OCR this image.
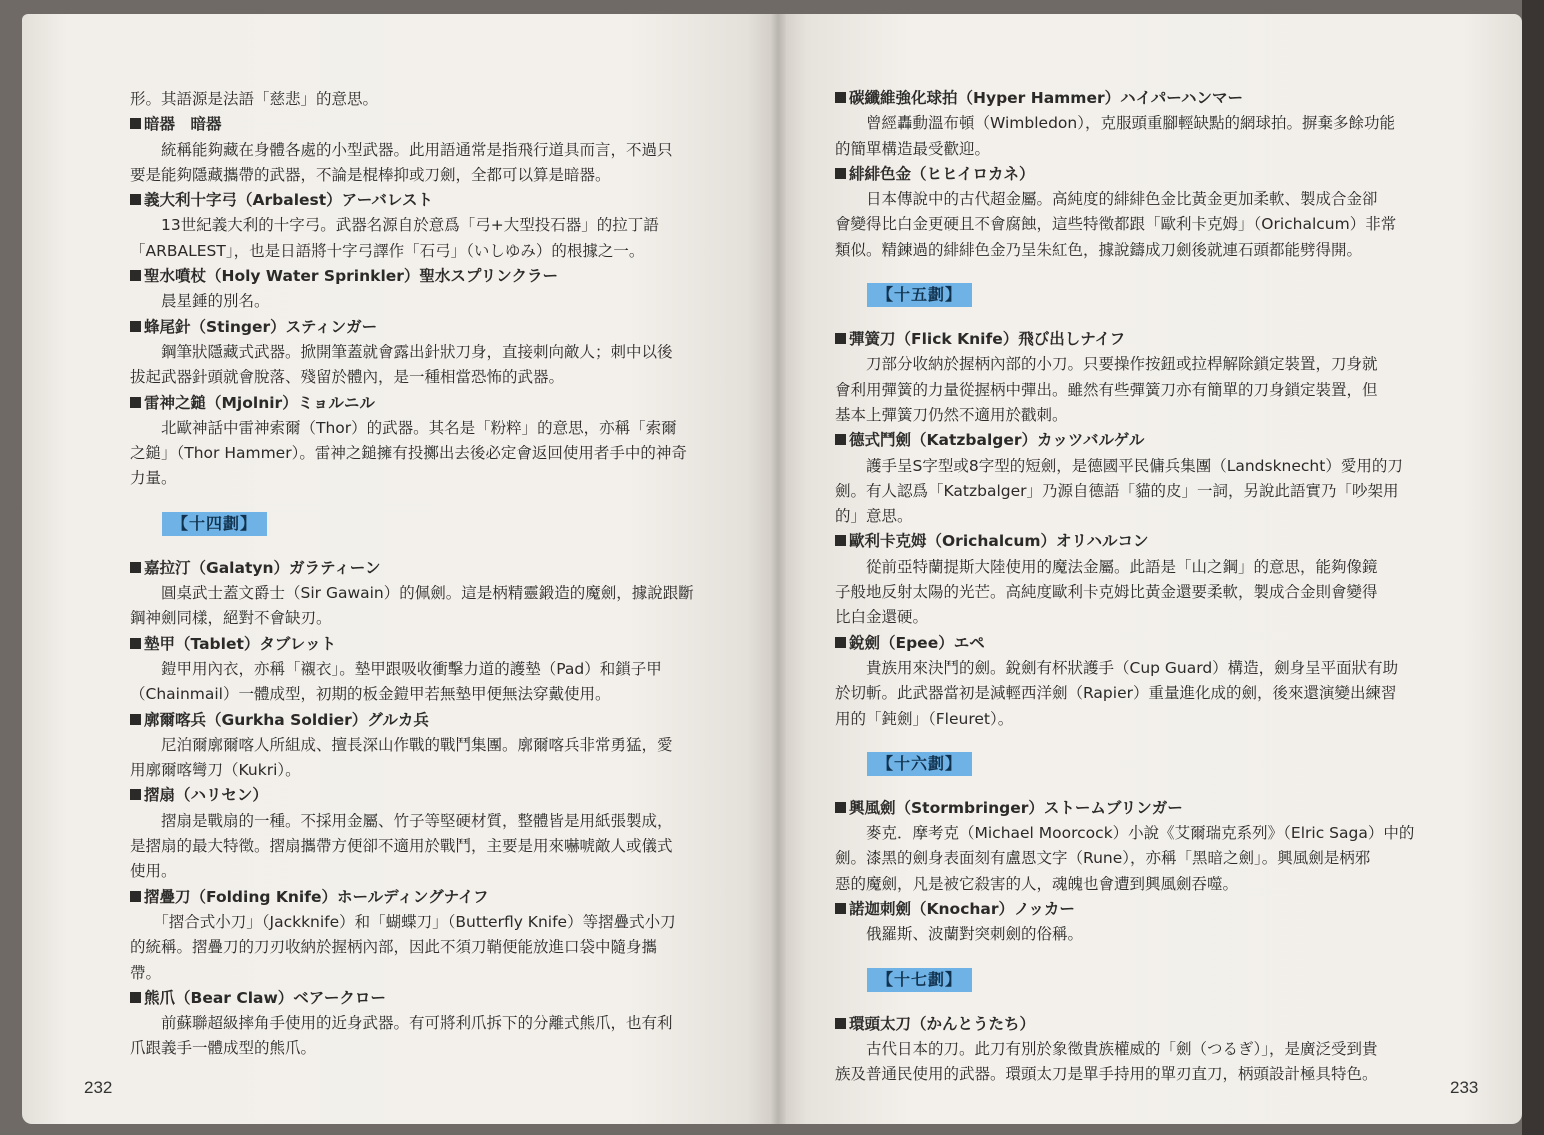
形。其語源是法語「慈悲」的意思。
暗器　暗器
　　統稱能夠藏在身體各處的小型武器。此用語通常是指飛行道具而言，不過只
要是能夠隱藏攜帶的武器，不論是棍棒抑或刀劍，全都可以算是暗器。
義大利十字弓（Arbalest）アーバレスト
　　13世紀義大利的十字弓。武器名源自於意爲「弓+大型投石器」的拉丁語
「ARBALEST」，也是日語將十字弓譯作「石弓」（いしゆみ）的根據之一。
聖水噴杖（Holy Water Sprinkler）聖水スプリンクラー
　　晨星錘的別名。
蜂尾針（Stinger）スティンガー
　　鋼筆狀隱藏式武器。掀開筆蓋就會露出針狀刀身，直接刺向敵人；刺中以後
拔起武器針頭就會脫落、殘留於體內，是一種相當恐怖的武器。
雷神之鎚（Mjolnir）ミョルニル
　　北歐神話中雷神索爾（Thor）的武器。其名是「粉粹」的意思，亦稱「索爾
之鎚」（Thor Hammer）。雷神之鎚擁有投擲出去後必定會返回使用者手中的神奇
力量。
【十四劃】
嘉拉汀（Galatyn）ガラティーン
　　圓桌武士蓋文爵士（Sir Gawain）的佩劍。這是柄精靈鍛造的魔劍，據說跟斷
鋼神劍同樣，絕對不會缺刃。
墊甲（Tablet）タブレット
　　鎧甲用內衣，亦稱「襯衣」。墊甲跟吸收衝擊力道的護墊（Pad）和鎖子甲
（Chainmail）一體成型，初期的板金鎧甲若無墊甲便無法穿戴使用。
廓爾喀兵（Gurkha Soldier）グルカ兵
　　尼泊爾廓爾喀人所組成、擅長深山作戰的戰鬥集團。廓爾喀兵非常勇猛，愛
用廓爾喀彎刀（Kukri）。
摺扇（ハリセン）
　　摺扇是戰扇的一種。不採用金屬、竹子等堅硬材質，整體皆是用紙張製成，
是摺扇的最大特徵。摺扇攜帶方便卻不適用於戰鬥，主要是用來嚇唬敵人或儀式
使用。
摺疊刀（Folding Knife）ホールディングナイフ
　　「摺合式小刀」（Jackknife）和「蝴蝶刀」（Butterfly Knife）等摺疊式小刀
的統稱。摺疊刀的刀刃收納於握柄內部，因此不須刀鞘便能放進口袋中隨身攜
帶。
熊爪（Bear Claw）ベアークロー
　　前蘇聯超級摔角手使用的近身武器。有可將利爪拆下的分離式熊爪，也有利
爪跟義手一體成型的熊爪。
碳纖維強化球拍（Hyper Hammer）ハイパーハンマー
　　曾經轟動溫布頓（Wimbledon），克服頭重腳輕缺點的網球拍。摒棄多餘功能
的簡單構造最受歡迎。
緋緋色金（ヒヒイロカネ）
　　日本傳說中的古代超金屬。高純度的緋緋色金比黃金更加柔軟、製成合金卻
會變得比白金更硬且不會腐蝕，這些特徵都跟「歐利卡克姆」（Orichalcum）非常
類似。精鍊過的緋緋色金乃呈朱紅色，據說鑄成刀劍後就連石頭都能劈得開。
【十五劃】
彈簧刀（Flick Knife）飛び出しナイフ
　　刀部分收納於握柄內部的小刀。只要操作按鈕或拉桿解除鎖定裝置，刀身就
會利用彈簧的力量從握柄中彈出。雖然有些彈簧刀亦有簡單的刀身鎖定裝置，但
基本上彈簧刀仍然不適用於戳刺。
德式鬥劍（Katzbalger）カッツバルゲル
　　護手呈S字型或8字型的短劍，是德國平民傭兵集團（Landsknecht）愛用的刀
劍。有人認爲「Katzbalger」乃源自德語「貓的皮」一詞，另說此語實乃「吵架用
的」意思。
歐利卡克姆（Orichalcum）オリハルコン
　　從前亞特蘭提斯大陸使用的魔法金屬。此語是「山之鋼」的意思，能夠像鏡
子般地反射太陽的光芒。高純度歐利卡克姆比黃金還要柔軟，製成合金則會變得
比白金還硬。
銳劍（Epee）エペ
　　貴族用來決鬥的劍。銳劍有杯狀護手（Cup Guard）構造，劍身呈平面狀有助
於切斬。此武器當初是減輕西洋劍（Rapier）重量進化成的劍，後來還演變出練習
用的「鈍劍」（Fleuret）。
【十六劃】
興風劍（Stormbringer）ストームブリンガー
　　麥克．摩考克（Michael Moorcock）小說《艾爾瑞克系列》（Elric Saga）中的
劍。漆黑的劍身表面刻有盧恩文字（Rune），亦稱「黑暗之劍」。興風劍是柄邪
惡的魔劍，凡是被它殺害的人，魂魄也會遭到興風劍吞噬。
諾迦刺劍（Knochar）ノッカー
　　俄羅斯、波蘭對突刺劍的俗稱。
【十七劃】
環頭太刀（かんとうたち）
　　古代日本的刀。此刀有別於象徵貴族權威的「劍（つるぎ）」，是廣泛受到貴
族及普通民使用的武器。環頭太刀是單手持用的單刃直刀，柄頭設計極具特色。
232	233
